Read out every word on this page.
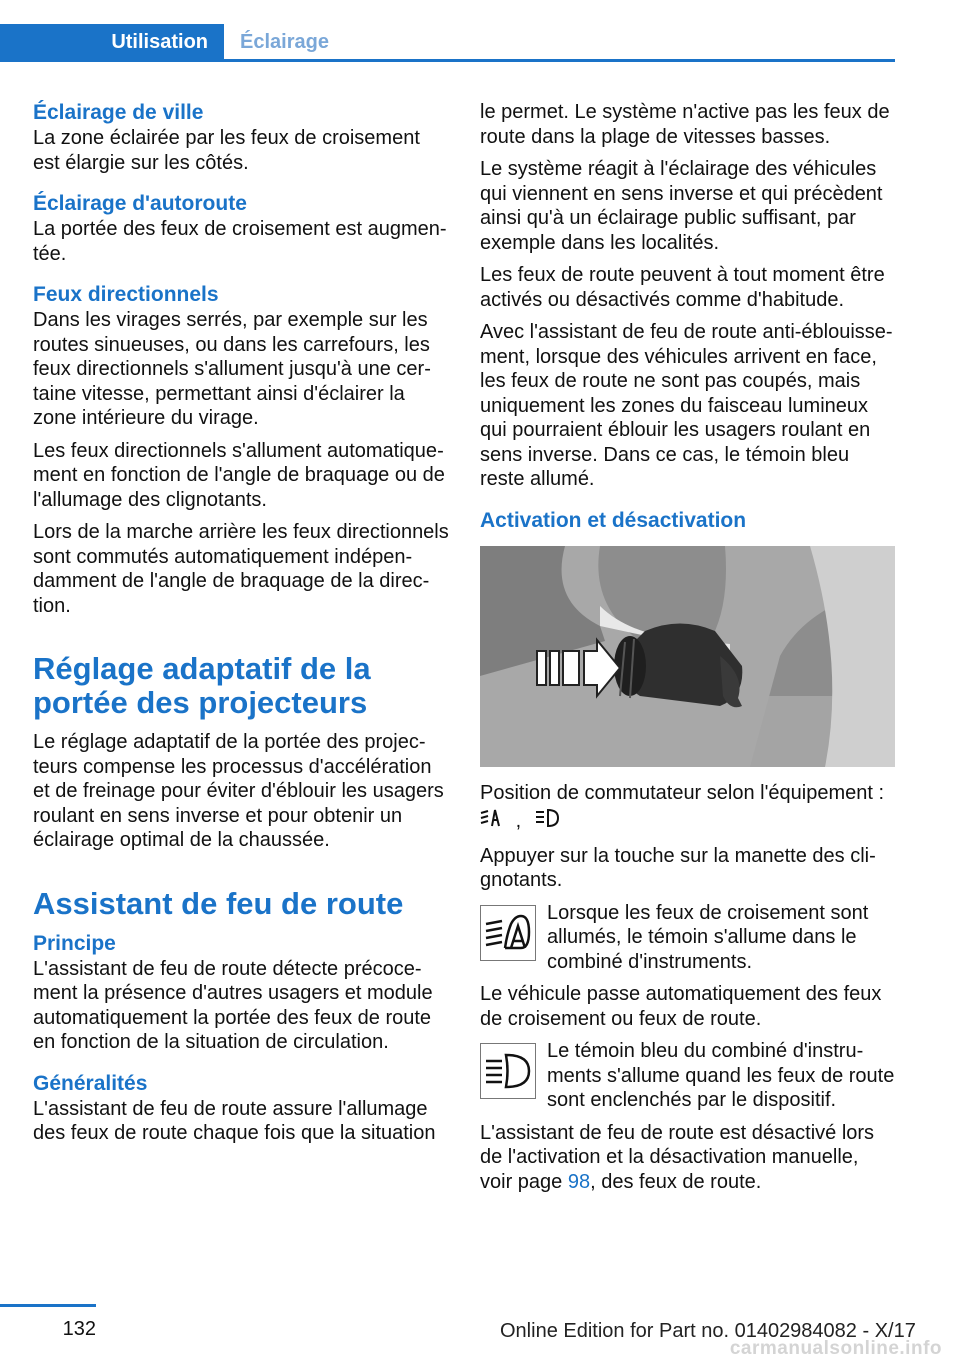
Utilisation	Éclairage
Éclairage de ville

La zone éclairée par les feux de croisement est élargie sur les côtés.

Éclairage d'autoroute

La portée des feux de croisement est augmentée.

Feux directionnels

Dans les virages serrés, par exemple sur les routes sinueuses, ou dans les carrefours, les feux directionnels s'allument jusqu'à une certaine vitesse, permettant ainsi d'éclairer la zone intérieure du virage.

Les feux directionnels s'allument automatiquement en fonction de l'angle de braquage ou de l'allumage des clignotants.

Lors de la marche arrière les feux directionnels sont commutés automatiquement indépendamment de l'angle de braquage de la direction.

Réglage adaptatif de la portée des projecteurs

Le réglage adaptatif de la portée des projecteurs compense les processus d'accélération et de freinage pour éviter d'éblouir les usagers roulant en sens inverse et pour obtenir un éclairage optimal de la chaussée.

Assistant de feu de route
Principe

L'assistant de feu de route détecte précocement la présence d'autres usagers et module automatiquement la portée des feux de route en fonction de la situation de circulation.

Généralités

L'assistant de feu de route assure l'allumage des feux de route chaque fois que la situation

le permet. Le système n'active pas les feux de route dans la plage de vitesses basses.

Le système réagit à l'éclairage des véhicules qui viennent en sens inverse et qui précèdent ainsi qu'à un éclairage public suffisant, par exemple dans les localités.

Les feux de route peuvent à tout moment être activés ou désactivés comme d'habitude.

Avec l'assistant de feu de route anti-éblouissement, lorsque des véhicules arrivent en face, les feux de route ne sont pas coupés, mais uniquement les zones du faisceau lumineux qui pourraient éblouir les usagers roulant en sens inverse. Dans ce cas, le témoin bleu reste allumé.

Activation et désactivation

Position de commutateur selon l'équipement :

,

Appuyer sur la touche sur la manette des clignotants.

Lorsque les feux de croisement sont allumés, le témoin s'allume dans le combiné d'instruments.

Le véhicule passe automatiquement des feux de croisement ou feux de route.

Le témoin bleu du combiné d'instruments s'allume quand les feux de route sont enclenchés par le dispositif.

L'assistant de feu de route est désactivé lors de l'activation et la désactivation manuelle, voir page 98, des feux de route.

132	Online Edition for Part no. 01402984082 - X/17
carmanualsonline.info
